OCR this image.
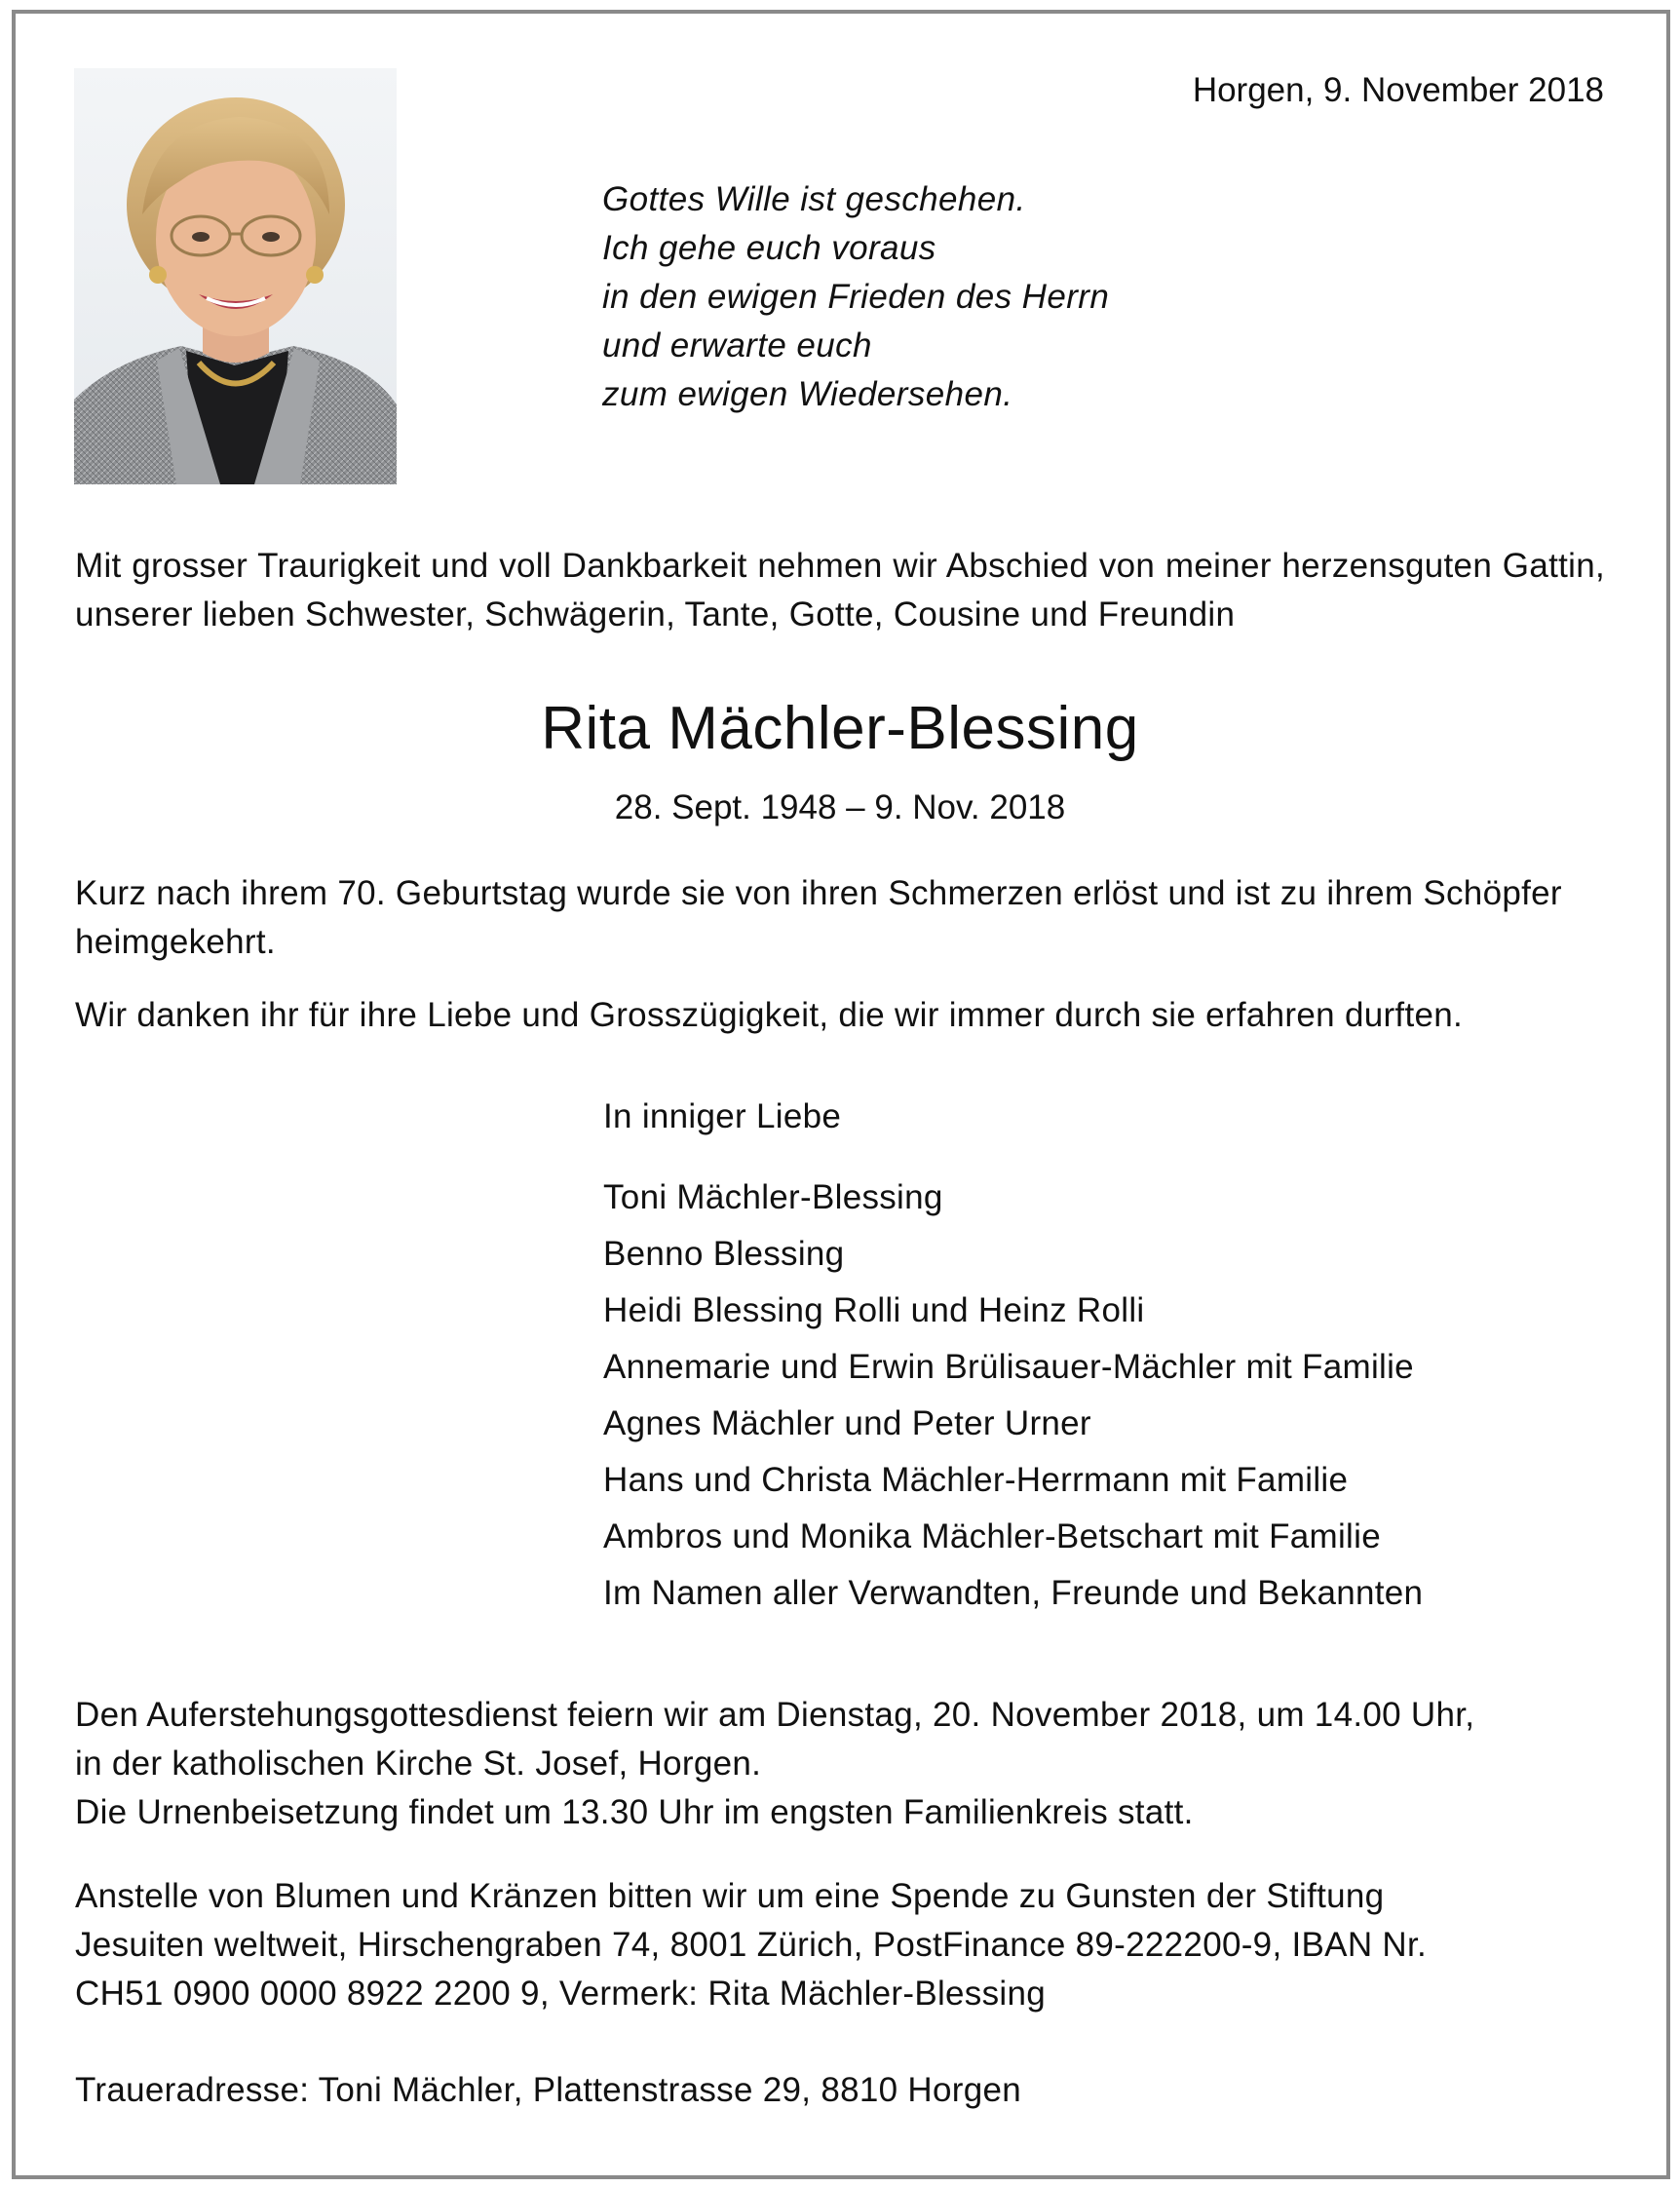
Horgen, 9. November 2018
Gottes Wille ist geschehen.
Ich gehe euch voraus
in den ewigen Frieden des Herrn
und erwarte euch
zum ewigen Wiedersehen.
Mit grosser Traurigkeit und voll Dankbarkeit nehmen wir Abschied von meiner herzensguten Gattin, unserer lieben Schwester, Schwägerin, Tante, Gotte, Cousine und Freundin
Rita Mächler-Blessing
28. Sept. 1948 – 9. Nov. 2018
Kurz nach ihrem 70. Geburtstag wurde sie von ihren Schmerzen erlöst und ist zu ihrem Schöpfer heimgekehrt.
Wir danken ihr für ihre Liebe und Grosszügigkeit, die wir immer durch sie erfahren durften.
In inniger Liebe
Toni Mächler-Blessing
Benno Blessing
Heidi Blessing Rolli und Heinz Rolli
Annemarie und Erwin Brülisauer-Mächler mit Familie
Agnes Mächler und Peter Urner
Hans und Christa Mächler-Herrmann mit Familie
Ambros und Monika Mächler-Betschart mit Familie
Im Namen aller Verwandten, Freunde und Bekannten
Den Auferstehungsgottesdienst feiern wir am Dienstag, 20. November 2018, um 14.00 Uhr,
in der katholischen Kirche St. Josef, Horgen.
Die Urnenbeisetzung findet um 13.30 Uhr im engsten Familienkreis statt.
Anstelle von Blumen und Kränzen bitten wir um eine Spende zu Gunsten der Stiftung
Jesuiten weltweit, Hirschengraben 74, 8001 Zürich, PostFinance 89-222200-9, IBAN Nr.
CH51 0900 0000 8922 2200 9, Vermerk: Rita Mächler-Blessing
Traueradresse: Toni Mächler, Plattenstrasse 29, 8810 Horgen
